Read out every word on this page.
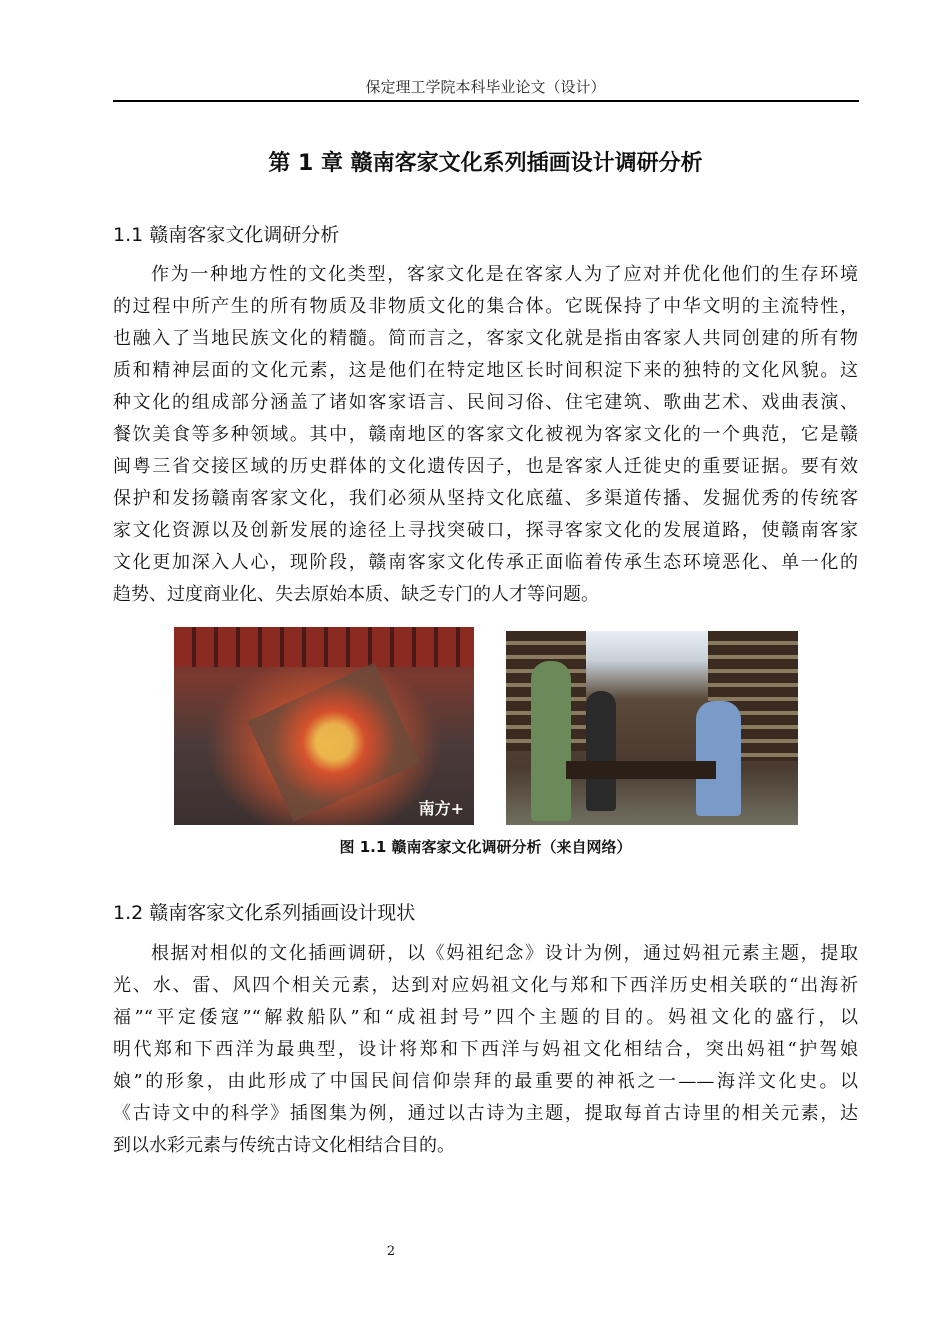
保定理工学院本科毕业论文（设计）
第 1 章 赣南客家文化系列插画设计调研分析
1.1 赣南客家文化调研分析
作为一种地方性的文化类型，客家文化是在客家人为了应对并优化他们的生存环境
的过程中所产生的所有物质及非物质文化的集合体。它既保持了中华文明的主流特性，
也融入了当地民族文化的精髓。简而言之，客家文化就是指由客家人共同创建的所有物
质和精神层面的文化元素，这是他们在特定地区长时间积淀下来的独特的文化风貌。这
种文化的组成部分涵盖了诸如客家语言、民间习俗、住宅建筑、歌曲艺术、戏曲表演、
餐饮美食等多种领域。其中，赣南地区的客家文化被视为客家文化的一个典范，它是赣
闽粤三省交接区域的历史群体的文化遗传因子，也是客家人迁徙史的重要证据。要有效
保护和发扬赣南客家文化，我们必须从坚持文化底蕴、多渠道传播、发掘优秀的传统客
家文化资源以及创新发展的途径上寻找突破口，探寻客家文化的发展道路，使赣南客家
文化更加深入人心，现阶段，赣南客家文化传承正面临着传承生态环境恶化、单一化的
趋势、过度商业化、失去原始本质、缺乏专门的人才等问题。
南方+
图 1.1 赣南客家文化调研分析（来自网络）
1.2 赣南客家文化系列插画设计现状
根据对相似的文化插画调研，以《妈祖纪念》设计为例，通过妈祖元素主题，提取
光、水、雷、风四个相关元素，达到对应妈祖文化与郑和下西洋历史相关联的“出海祈
福”“平定倭寇”“解救船队”和“成祖封号”四个主题的目的。妈祖文化的盛行，以
明代郑和下西洋为最典型，设计将郑和下西洋与妈祖文化相结合，突出妈祖“护驾娘
娘”的形象，由此形成了中国民间信仰崇拜的最重要的神祇之一——海洋文化史。以
《古诗文中的科学》插图集为例，通过以古诗为主题，提取每首古诗里的相关元素，达
到以水彩元素与传统古诗文化相结合目的。
2
